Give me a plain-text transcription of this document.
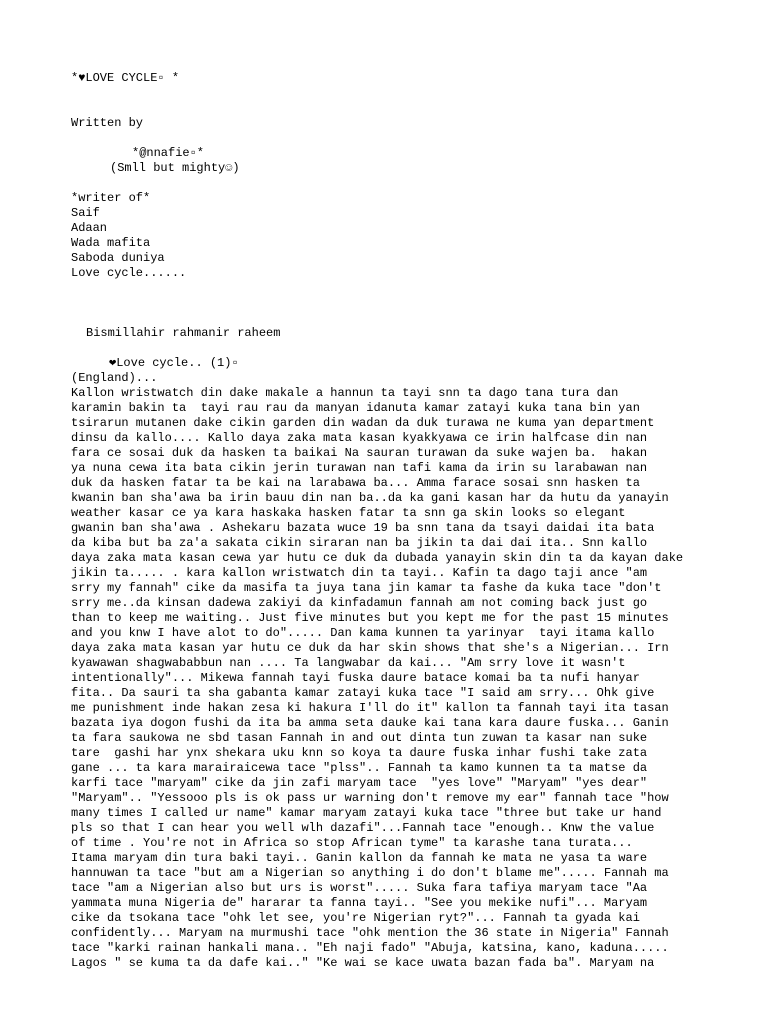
*♥LOVE CYCLE▫ *
Written by
*@nnafie▫*
(Smll but mighty☺)
*writer of*
Saif
Adaan
Wada mafita
Saboda duniya
Love cycle......
Bismillahir rahmanir raheem
❤Love cycle.. (1)▫
(England)...
Kallon wristwatch din dake makale a hannun ta tayi snn ta dago tana tura dan
karamin bakin ta  tayi rau rau da manyan idanuta kamar zatayi kuka tana bin yan
tsirarun mutanen dake cikin garden din wadan da duk turawa ne kuma yan department
dinsu da kallo.... Kallo daya zaka mata kasan kyakkyawa ce irin halfcase din nan
fara ce sosai duk da hasken ta baikai Na sauran turawan da suke wajen ba.  hakan
ya nuna cewa ita bata cikin jerin turawan nan tafi kama da irin su larabawan nan
duk da hasken fatar ta be kai na larabawa ba... Amma farace sosai snn hasken ta
kwanin ban sha'awa ba irin bauu din nan ba..da ka gani kasan har da hutu da yanayin
weather kasar ce ya kara haskaka hasken fatar ta snn ga skin looks so elegant
gwanin ban sha'awa . Ashekaru bazata wuce 19 ba snn tana da tsayi daidai ita bata
da kiba but ba za'a sakata cikin siraran nan ba jikin ta dai dai ita.. Snn kallo
daya zaka mata kasan cewa yar hutu ce duk da dubada yanayin skin din ta da kayan dake
jikin ta..... . kara kallon wristwatch din ta tayi.. Kafin ta dago taji ance "am
srry my fannah" cike da masifa ta juya tana jin kamar ta fashe da kuka tace "don't
srry me..da kinsan dadewa zakiyi da kinfadamun fannah am not coming back just go
than to keep me waiting.. Just five minutes but you kept me for the past 15 minutes
and you knw I have alot to do"..... Dan kama kunnen ta yarinyar  tayi itama kallo
daya zaka mata kasan yar hutu ce duk da har skin shows that she's a Nigerian... Irn
kyawawan shagwababbun nan .... Ta langwabar da kai... "Am srry love it wasn't
intentionally"... Mikewa fannah tayi fuska daure batace komai ba ta nufi hanyar
fita.. Da sauri ta sha gabanta kamar zatayi kuka tace "I said am srry... Ohk give
me punishment inde hakan zesa ki hakura I'll do it" kallon ta fannah tayi ita tasan
bazata iya dogon fushi da ita ba amma seta dauke kai tana kara daure fuska... Ganin
ta fara saukowa ne sbd tasan Fannah in and out dinta tun zuwan ta kasar nan suke
tare  gashi har ynx shekara uku knn so koya ta daure fuska inhar fushi take zata
gane ... ta kara marairaicewa tace "plss".. Fannah ta kamo kunnen ta ta matse da
karfi tace "maryam" cike da jin zafi maryam tace  "yes love" "Maryam" "yes dear"
"Maryam".. "Yessooo pls is ok pass ur warning don't remove my ear" fannah tace "how
many times I called ur name" kamar maryam zatayi kuka tace "three but take ur hand
pls so that I can hear you well wlh dazafi"...Fannah tace "enough.. Knw the value
of time . You're not in Africa so stop African tyme" ta karashe tana turata...
Itama maryam din tura baki tayi.. Ganin kallon da fannah ke mata ne yasa ta ware
hannuwan ta tace "but am a Nigerian so anything i do don't blame me"..... Fannah ma
tace "am a Nigerian also but urs is worst"..... Suka fara tafiya maryam tace "Aa
yammata muna Nigeria de" hararar ta fanna tayi.. "See you mekike nufi"... Maryam
cike da tsokana tace "ohk let see, you're Nigerian ryt?"... Fannah ta gyada kai
confidently... Maryam na murmushi tace "ohk mention the 36 state in Nigeria" Fannah
tace "karki rainan hankali mana.. "Eh naji fado" "Abuja, katsina, kano, kaduna.....
Lagos " se kuma ta da dafe kai.." "Ke wai se kace uwata bazan fada ba". Maryam na
